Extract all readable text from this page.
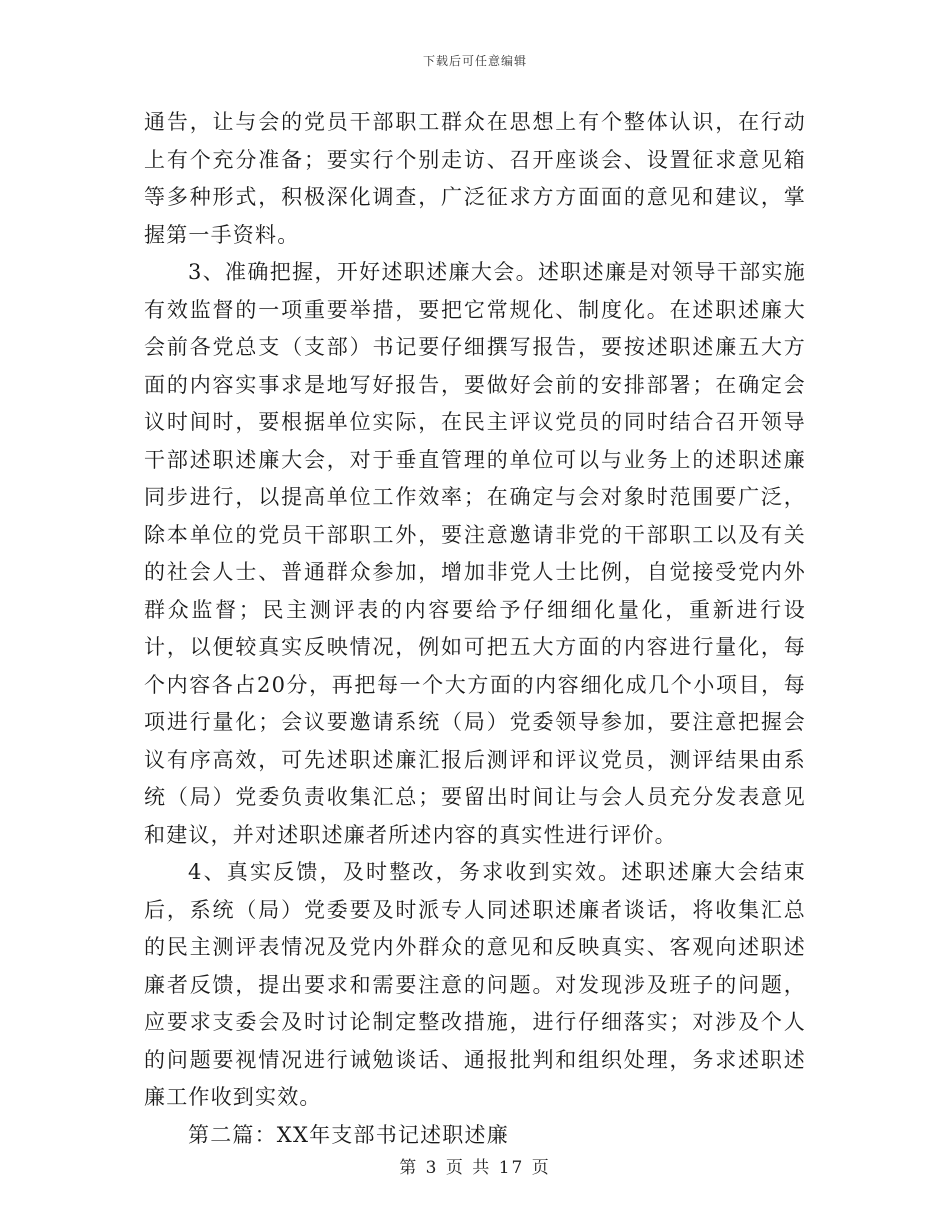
下载后可任意编辑

通告，让与会的党员干部职工群众在思想上有个整体认识，在行动上有个充分准备；要实行个别走访、召开座谈会、设置征求意见箱等多种形式，积极深化调查，广泛征求方方面面的意见和建议，掌握第一手资料。

3、准确把握，开好述职述廉大会。述职述廉是对领导干部实施有效监督的一项重要举措，要把它常规化、制度化。在述职述廉大会前各党总支（支部）书记要仔细撰写报告，要按述职述廉五大方面的内容实事求是地写好报告，要做好会前的安排部署；在确定会议时间时，要根据单位实际，在民主评议党员的同时结合召开领导干部述职述廉大会，对于垂直管理的单位可以与业务上的述职述廉同步进行，以提高单位工作效率；在确定与会对象时范围要广泛，除本单位的党员干部职工外，要注意邀请非党的干部职工以及有关的社会人士、普通群众参加，增加非党人士比例，自觉接受党内外群众监督；民主测评表的内容要给予仔细细化量化，重新进行设计，以便较真实反映情况，例如可把五大方面的内容进行量化，每个内容各占20分，再把每一个大方面的内容细化成几个小项目，每项进行量化；会议要邀请系统（局）党委领导参加，要注意把握会议有序高效，可先述职述廉汇报后测评和评议党员，测评结果由系统（局）党委负责收集汇总；要留出时间让与会人员充分发表意见和建议，并对述职述廉者所述内容的真实性进行评价。

4、真实反馈，及时整改，务求收到实效。述职述廉大会结束后，系统（局）党委要及时派专人同述职述廉者谈话，将收集汇总的民主测评表情况及党内外群众的意见和反映真实、客观向述职述廉者反馈，提出要求和需要注意的问题。对发现涉及班子的问题，应要求支委会及时讨论制定整改措施，进行仔细落实；对涉及个人的问题要视情况进行诫勉谈话、通报批判和组织处理，务求述职述廉工作收到实效。

第二篇：XX年支部书记述职述廉

第 3 页 共 17 页
